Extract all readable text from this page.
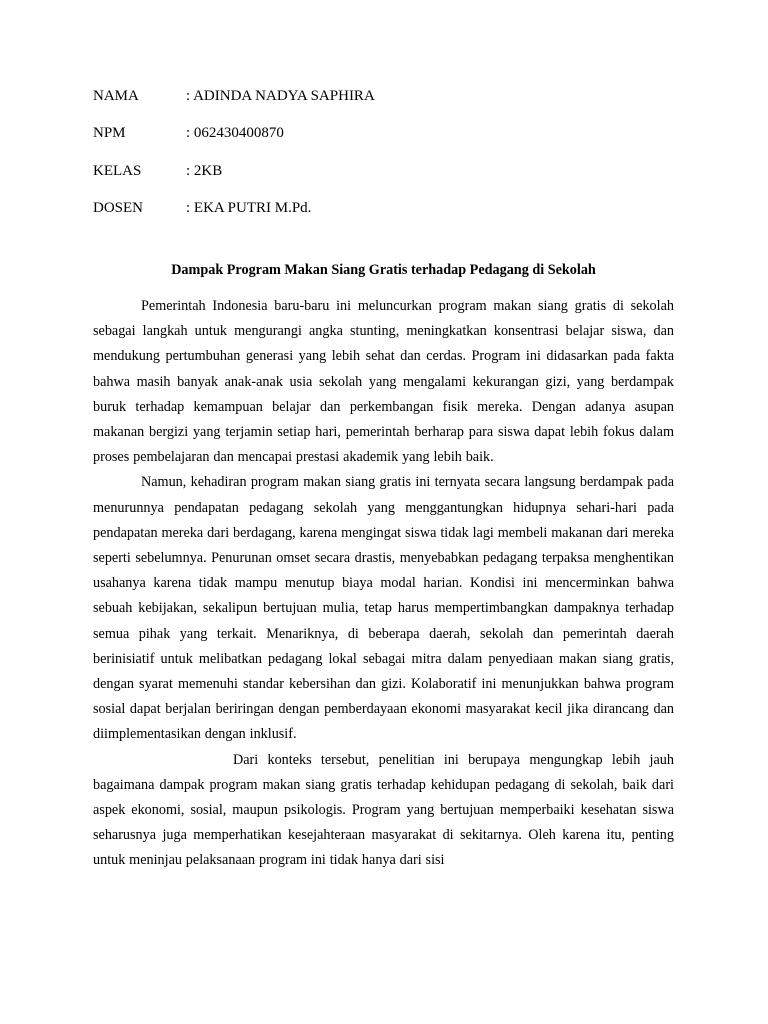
NAMA	: ADINDA NADYA SAPHIRA
NPM	: 062430400870
KELAS	: 2KB
DOSEN	: EKA PUTRI M.Pd.
Dampak Program Makan Siang Gratis terhadap Pedagang di Sekolah

Pemerintah Indonesia baru-baru ini meluncurkan program makan siang gratis di sekolah sebagai langkah untuk mengurangi angka stunting, meningkatkan konsentrasi belajar siswa, dan mendukung pertumbuhan generasi yang lebih sehat dan cerdas. Program ini didasarkan pada fakta bahwa masih banyak anak-anak usia sekolah yang mengalami kekurangan gizi, yang berdampak buruk terhadap kemampuan belajar dan perkembangan fisik mereka. Dengan adanya asupan makanan bergizi yang terjamin setiap hari, pemerintah berharap para siswa dapat lebih fokus dalam proses pembelajaran dan mencapai prestasi akademik yang lebih baik.

Namun, kehadiran program makan siang gratis ini ternyata secara langsung berdampak pada menurunnya pendapatan pedagang sekolah yang menggantungkan hidupnya sehari-hari pada pendapatan mereka dari berdagang, karena mengingat siswa tidak lagi membeli makanan dari mereka seperti sebelumnya. Penurunan omset secara drastis, menyebabkan pedagang terpaksa menghentikan usahanya karena tidak mampu menutup biaya modal harian. Kondisi ini mencerminkan bahwa sebuah kebijakan, sekalipun bertujuan mulia, tetap harus mempertimbangkan dampaknya terhadap semua pihak yang terkait. Menariknya, di beberapa daerah, sekolah dan pemerintah daerah berinisiatif untuk melibatkan pedagang lokal sebagai mitra dalam penyediaan makan siang gratis, dengan syarat memenuhi standar kebersihan dan gizi. Kolaboratif ini menunjukkan bahwa program sosial dapat berjalan beriringan dengan pemberdayaan ekonomi masyarakat kecil jika dirancang dan diimplementasikan dengan inklusif.

Dari konteks tersebut, penelitian ini berupaya mengungkap lebih jauh bagaimana dampak program makan siang gratis terhadap kehidupan pedagang di sekolah, baik dari aspek ekonomi, sosial, maupun psikologis. Program yang bertujuan memperbaiki kesehatan siswa seharusnya juga memperhatikan kesejahteraan masyarakat di sekitarnya. Oleh karena itu, penting untuk meninjau pelaksanaan program ini tidak hanya dari sisi
